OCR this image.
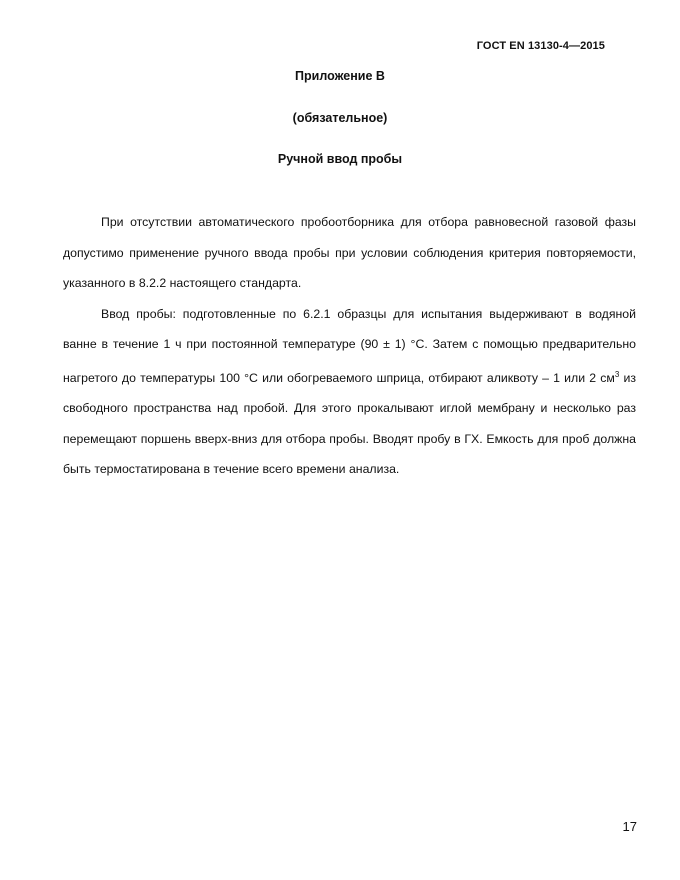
ГОСТ EN 13130-4—2015
Приложение В
(обязательное)
Ручной ввод пробы

При отсутствии автоматического пробоотборника для отбора равновесной газовой фазы допустимо применение ручного ввода пробы при условии соблюдения критерия повторяемости, указанного в 8.2.2 настоящего стандарта.

Ввод пробы: подготовленные по 6.2.1 образцы для испытания выдерживают в водяной ванне в течение 1 ч при постоянной температуре (90 ± 1) °С. Затем с помощью предварительно нагретого до температуры 100 °С или обогреваемого шприца, отбирают аликвоту – 1 или 2 $см^3$ из свободного пространства над пробой. Для этого прокалывают иглой мембрану и несколько раз перемещают поршень вверх-вниз для отбора пробы. Вводят пробу в ГХ. Емкость для проб должна быть термостатирована в течение всего времени анализа.

17
